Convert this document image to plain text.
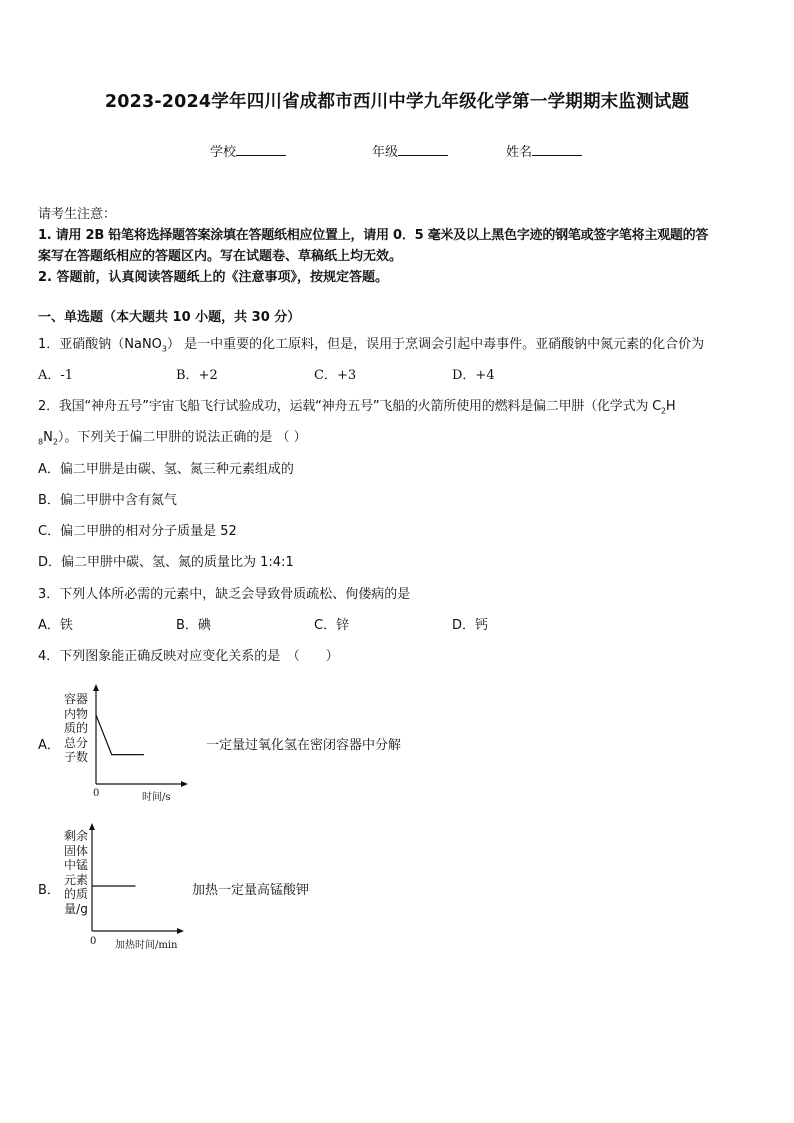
2023-2024学年四川省成都市西川中学九年级化学第一学期期末监测试题
学校	年级	姓名
请考生注意：
1. 请用 2B 铅笔将选择题答案涂填在答题纸相应位置上，请用 0．5 毫米及以上黑色字迹的钢笔或签字笔将主观题的答
案写在答题纸相应的答题区内。写在试题卷、草稿纸上均无效。
2. 答题前，认真阅读答题纸上的《注意事项》，按规定答题。
一、单选题（本大题共 10 小题，共 30 分）
1．亚硝酸钠（NaNO$_3$） 是一中重要的化工原料，但是，误用于烹调会引起中毒事件。亚硝酸钠中氮元素的化合价为
A．-1	B．+2	C．+3	D．+4
2．我国“神舟五号”宇宙飞船飞行试验成功，运载“神舟五号”飞船的火箭所使用的燃料是偏二甲肼（化学式为 $C_2H$
$_8N_2$）。下列关于偏二甲肼的说法正确的是 （ ）
A．偏二甲肼是由碳、氢、氮三种元素组成的
B．偏二甲肼中含有氮气
C．偏二甲肼的相对分子质量是 52
D．偏二甲肼中碳、氢、氮的质量比为 1:4:1
3．下列人体所必需的元素中，缺乏会导致骨质疏松、佝偻病的是
A．铁	B．碘	C．锌	D．钙
4．下列图象能正确反映对应变化关系的是　（　　）
A．
容器内物质的总分子数
0	时间/s
一定量过氧化氢在密闭容器中分解
B．
剩余固体中锰元素的质量/g
0 加热时间/min
加热一定量高锰酸钾
